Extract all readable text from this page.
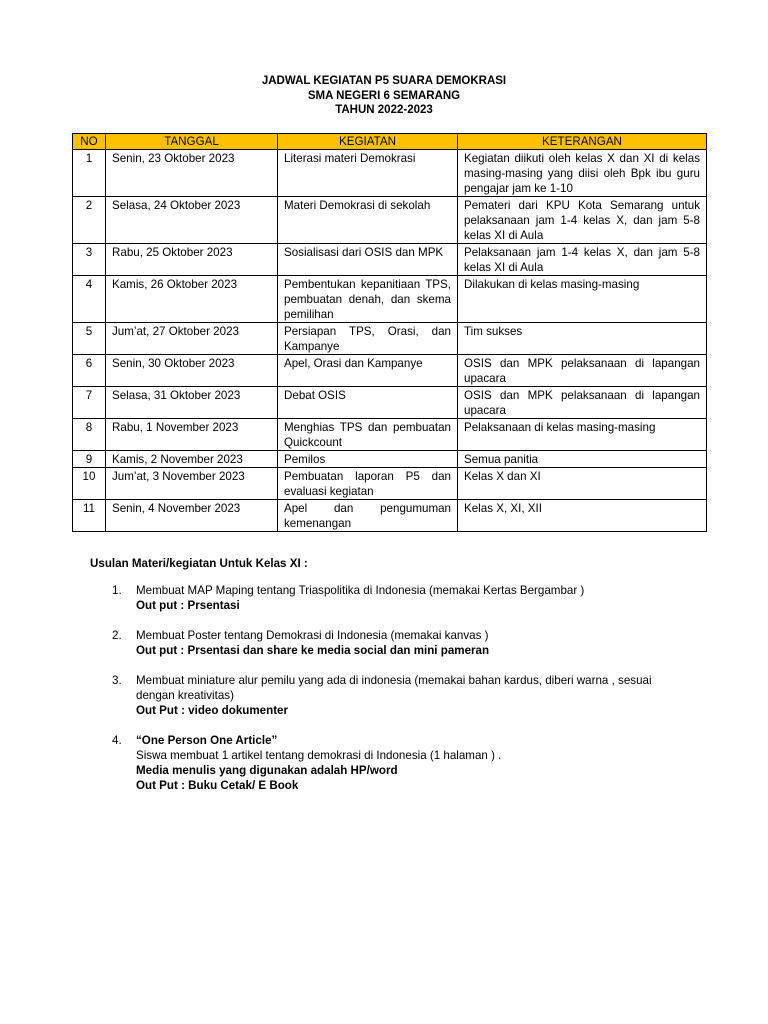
JADWAL KEGIATAN P5 SUARA DEMOKRASI
SMA NEGERI 6 SEMARANG
TAHUN 2022-2023
NO	TANGGAL	KEGIATAN	KETERANGAN
1	Senin, 23 Oktober 2023	Literasi materi Demokrasi	Kegiatan diikuti oleh kelas X dan XI di kelas masing-masing yang diisi oleh Bpk ibu guru pengajar jam ke 1-10
2	Selasa, 24 Oktober 2023	Materi Demokrasi di sekolah	Pemateri dari KPU Kota Semarang untuk pelaksanaan jam 1-4 kelas X, dan jam 5-8 kelas XI di Aula
3	Rabu, 25 Oktober 2023	Sosialisasi dari OSIS dan MPK	Pelaksanaan jam 1-4 kelas X, dan jam 5-8 kelas XI di Aula
4	Kamis, 26 Oktober 2023	Pembentukan kepanitiaan TPS, pembuatan denah, dan skema pemilihan	Dilakukan di kelas masing-masing
5	Jum’at, 27 Oktober 2023	Persiapan TPS, Orasi, dan Kampanye	Tim sukses
6	Senin, 30 Oktober 2023	Apel, Orasi dan Kampanye	OSIS dan MPK pelaksanaan di lapangan upacara
7	Selasa, 31 Oktober 2023	Debat OSIS	OSIS dan MPK pelaksanaan di lapangan upacara
8	Rabu, 1 November 2023	Menghias TPS dan pembuatan Quickcount	Pelaksanaan di kelas masing-masing
9	Kamis, 2 November 2023	Pemilos	Semua panitia
10	Jum’at, 3 November 2023	Pembuatan laporan P5 dan evaluasi kegiatan	Kelas X dan XI
11	Senin, 4 November 2023	Apel dan pengumuman kemenangan	Kelas X, XI, XII
Usulan Materi/kegiatan Untuk Kelas XI :
1. Membuat MAP Maping tentang Triaspolitika di Indonesia (memakai Kertas Bergambar )
Out put : Prsentasi
2. Membuat Poster tentang Demokrasi di Indonesia (memakai kanvas )
Out put : Prsentasi dan share ke media social dan mini pameran
3. Membuat miniature alur pemilu yang ada di indonesia (memakai bahan kardus, diberi warna , sesuai dengan kreativitas)
Out Put : video dokumenter
4. “One Person One Article”
Siswa membuat 1 artikel tentang demokrasi di Indonesia (1 halaman ) .
Media menulis yang digunakan adalah HP/word
Out Put : Buku Cetak/ E Book
